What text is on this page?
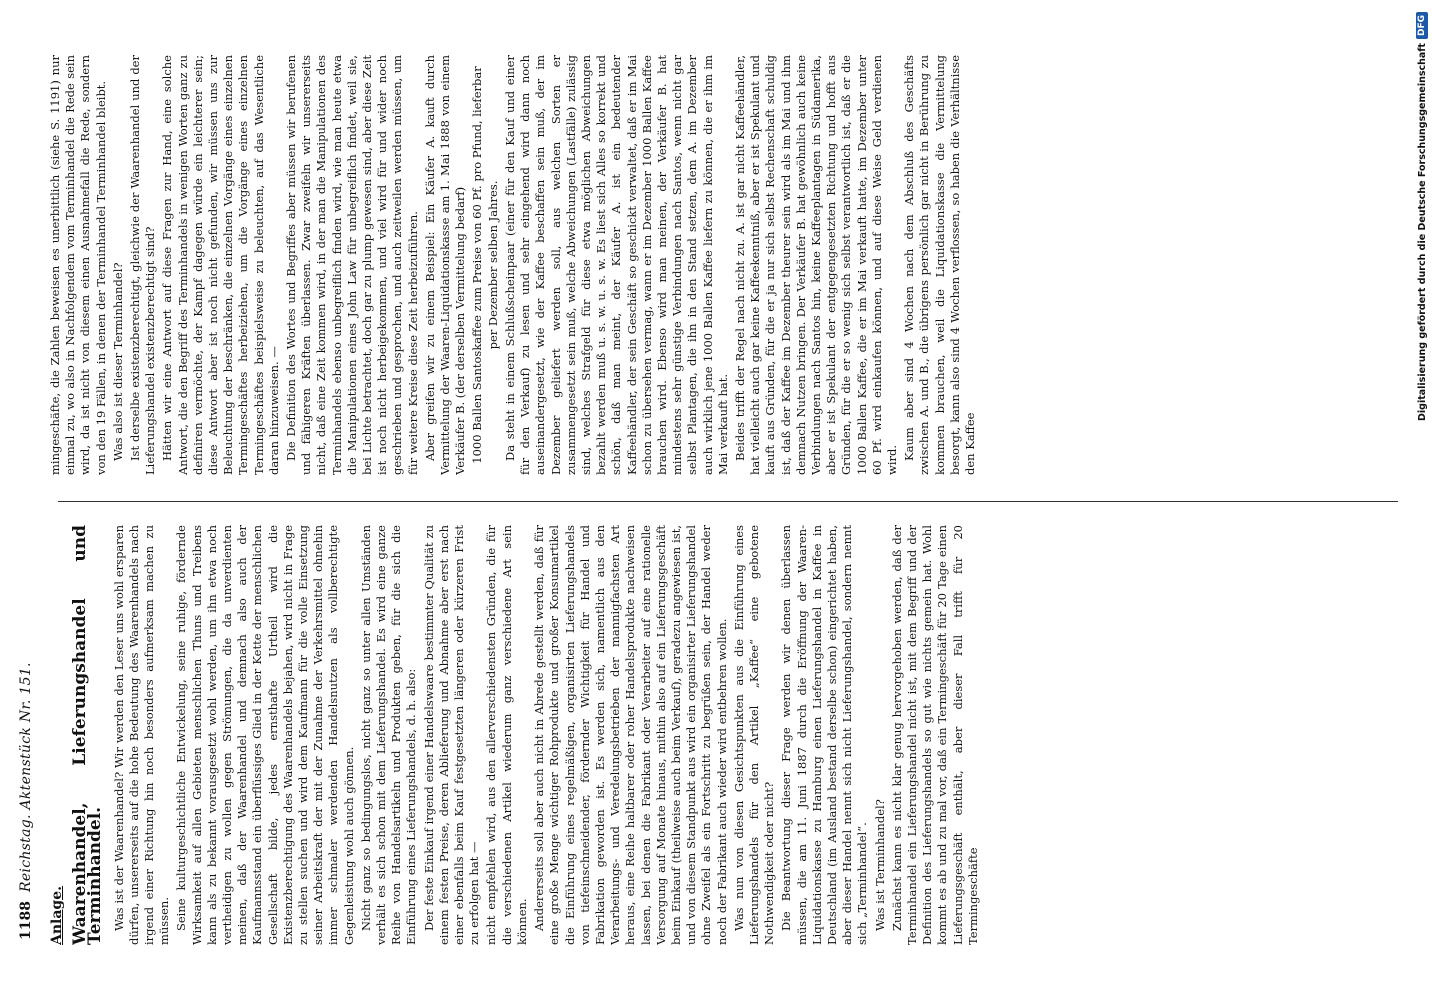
1188
Reichstag. Aktenstück Nr. 151.
Anlage. Waarenhandel, Lieferungshandel und Terminhandel. Was ist der Waarenhandel? Wir werden den Leser uns wohl ersparen dürfen, unsererseits auf die hohe Bedeutung des Waarenhandels nach irgend einer Richtung hin noch besonders aufmerksam machen zu müssen. Seine kulturgeschichtliche Entwickelung, seine ruhige, fördernde Wirksamkeit auf allen Gebieten menschlichen Thuns und Treibens kann als zu bekannt vorausgesetzt wohl werden, um ihn etwa noch vertheidigen zu wollen gegen Strömungen, die da unverdienten meinen, daß der Waarenhandel und demnach also auch der Kaufmannsstand ein überflüssiges Glied in der Kette der menschlichen Gesellschaft bilde, jedes ernsthafte Urtheil wird die Existenzberechtigung des Waarenhandels bejahen, wird nicht in Frage zu stellen suchen und wird dem Kaufmann für die volle Einsetzung seiner Arbeitskraft der mit der Zunahme der Verkehrsmittel ohnehin immer schmaler werdenden Handelsnutzen als vollberechtigte Gegenleistung wohl auch gönnen. Nicht ganz so bedingungslos, nicht ganz so unter allen Umständen verhält es sich schon mit dem Lieferungshandel. Es wird eine ganze Reihe von Handelsartikeln und Produkten geben, für die sich die Einführung eines Lieferungshandels, d. h. also: Der feste Einkauf irgend einer Handelswaare bestimmter Qualität zu einem festen Preise, deren Ablieferung und Abnahme aber erst nach einer ebenfalls beim Kauf festgesetzten längeren oder kürzeren Frist zu erfolgen hat — nicht empfehlen wird, aus den allerverschiedensten Gründen, die für die verschiedenen Artikel wiederum ganz verschiedene Art sein können. Andererseits soll aber auch nicht in Abrede gestellt werden, daß für eine große Menge wichtiger Rohprodukte und großer Konsumartikel die Einführung eines regelmäßigen, organisirten Lieferungshandels von tiefeinschneidender, fördernder Wichtigkeit für Handel und Fabrikation geworden ist. Es werden sich, namentlich aus den Verarbeitungs- und Veredelungsbetrieben der mannigfachsten Art heraus, eine Reihe haltbarer oder roher Handelsprodukte nachweisen lassen, bei denen die Fabrikant oder Verarbeiter auf eine rationelle Versorgung auf Monate hinaus, mithin also auf ein Lieferungsgeschäft beim Einkauf (theilweise auch beim Verkauf), geradezu angewiesen ist, und von diesem Standpunkt aus wird ein organisirter Lieferungshandel ohne Zweifel als ein Fortschritt zu begrüßen sein, der Handel weder noch der Fabrikant auch wieder wird entbehren wollen. Was nun von diesen Gesichtspunkten aus die Einführung eines Lieferungshandels für den Artikel „Kaffee“ eine gebotene Nothwendigkeit oder nicht? Die Beantwortung dieser Frage werden wir denen überlassen müssen, die am 11. Juni 1887 durch die Eröffnung der Waaren-Liquidationskasse zu Hamburg einen Lieferungshandel in Kaffee in Deutschland (im Ausland bestand derselbe schon) eingerichtet haben, aber dieser Handel nennt sich nicht Lieferungshandel, sondern nennt sich „Terminhandel“. Was ist Terminhandel? Zunächst kann es nicht klar genug hervorgehoben werden, daß der Terminhandel ein Lieferungshandel nicht ist, mit dem Begriff und der Definition des Lieferungshandels so gut wie nichts gemein hat. Wohl kommt es ab und zu mal vor, daß ein Termingeschäft für 20 Tage einen Lieferungsgeschäft enthält, aber dieser Fall trifft für 20 Termingeschäfte

mingeschäfte, die Zahlen beweisen es unerbittlich (siehe S. 1191) nur einmal zu, wo also in Nachfolgendem vom Terminhandel die Rede sein wird, da ist nicht von diesem einen Ausnahmefall die Rede, sondern von den 19 Fällen, in denen der Terminhandel Terminhandel bleibt. Was also ist dieser Terminhandel? Ist derselbe existenzberechtigt, gleichwie der Waarenhandel und der Lieferungshandel existenzberechtigt sind? Hätten wir eine Antwort auf diese Fragen zur Hand, eine solche Antwort, die den Begriff des Terminhandels in wenigen Worten ganz zu definiren vermöchte, der Kampf dagegen würde ein leichterer sein; diese Antwort aber ist noch nicht gefunden, wir müssen uns zur Beleuchtung der beschränken, die einzelnen Vorgänge eines einzelnen Termingeschäftes herbeiziehen, um die Vorgänge eines einzelnen Termingeschäftes beispielsweise zu beleuchten, auf das Wesentliche daran hinzuweisen. — Die Definition des Wortes und Begriffes aber müssen wir berufenen und fähigeren Kräften überlassen. Zwar zweifeln wir unsererseits nicht, daß eine Zeit kommen wird, in der man die Manipulationen des Terminhandels ebenso unbegreiflich finden wird, wie man heute etwa die Manipulationen eines John Law für unbegreiflich findet, weil sie, bei Lichte betrachtet, doch gar zu plump gewesen sind, aber diese Zeit ist noch nicht herbeigekommen, und viel wird für und wider noch geschrieben und gesprochen, und auch zeitweilen werden müssen, um für weitere Kreise diese Zeit herbeizuführen. Aber greifen wir zu einem Beispiel: Ein Käufer A. kauft durch Vermittelung der Waaren-Liquidationskasse am 1. Mai 1888 von einem Verkäufer B. (der derselben Vermittelung bedarf) 1000 Ballen Santoskaffee zum Preise von 60 Pf. pro Pfund, lieferbar per Dezember selben Jahres. Da steht in einem Schlußscheinpaar (einer für den Kauf und einer für den Verkauf) zu lesen und sehr eingehend wird dann noch auseinandergesetzt, wie der Kaffee beschaffen sein muß, der im Dezember geliefert werden soll, aus welchen Sorten er zusammengesetzt sein muß, welche Abweichungen (Lastfälle) zulässig sind, welches Strafgeld für diese etwa möglichen Abweichungen bezahlt werden muß u. s. w. u. s. w. Es liest sich Alles so korrekt und schön, daß man meint, der Käufer A. ist ein bedeutender Kaffeehändler, der sein Geschäft so geschickt verwaltet, daß er im Mai schon zu übersehen vermag, wann er im Dezember 1000 Ballen Kaffee brauchen wird. Ebenso wird man meinen, der Verkäufer B. hat mindestens sehr günstige Verbindungen nach Santos, wenn nicht gar selbst Plantagen, die ihn in den Stand setzen, dem A. im Dezember auch wirklich jene 1000 Ballen Kaffee liefern zu können, die er ihm im Mai verkauft hat. Beides trifft der Regel nach nicht zu. A. ist gar nicht Kaffeehändler, hat vielleicht auch gar keine Kaffeekenntniß, aber er ist Spekulant und kauft aus Gründen, für die er ja nur sich selbst Rechenschaft schuldig ist, daß der Kaffee im Dezember theurer sein wird als im Mai und ihm demnach Nutzen bringen. Der Verkäufer B. hat gewöhnlich auch keine Verbindungen nach Santos hin, keine Kaffeeplantagen in Südamerika, aber er ist Spekulant der entgegengesetzten Richtung und hofft aus Gründen, für die er so wenig sich selbst verantwortlich ist, daß er die 1000 Ballen Kaffee, die er im Mai verkauft hatte, im Dezember unter 60 Pf. wird einkaufen können, und auf diese Weise Geld verdienen wird. Kaum aber sind 4 Wochen nach dem Abschluß des Geschäfts zwischen A. und B., die übrigens persönlich gar nicht in Berührung zu kommen brauchen, weil die Liquidationskasse die Vermittelung besorgt, kann also sind 4 Wochen verflossen, so haben die Verhältnisse den Kaffee

Digitalisierung gefördert durch die Deutsche Forschungsgemeinschaft
DFG
